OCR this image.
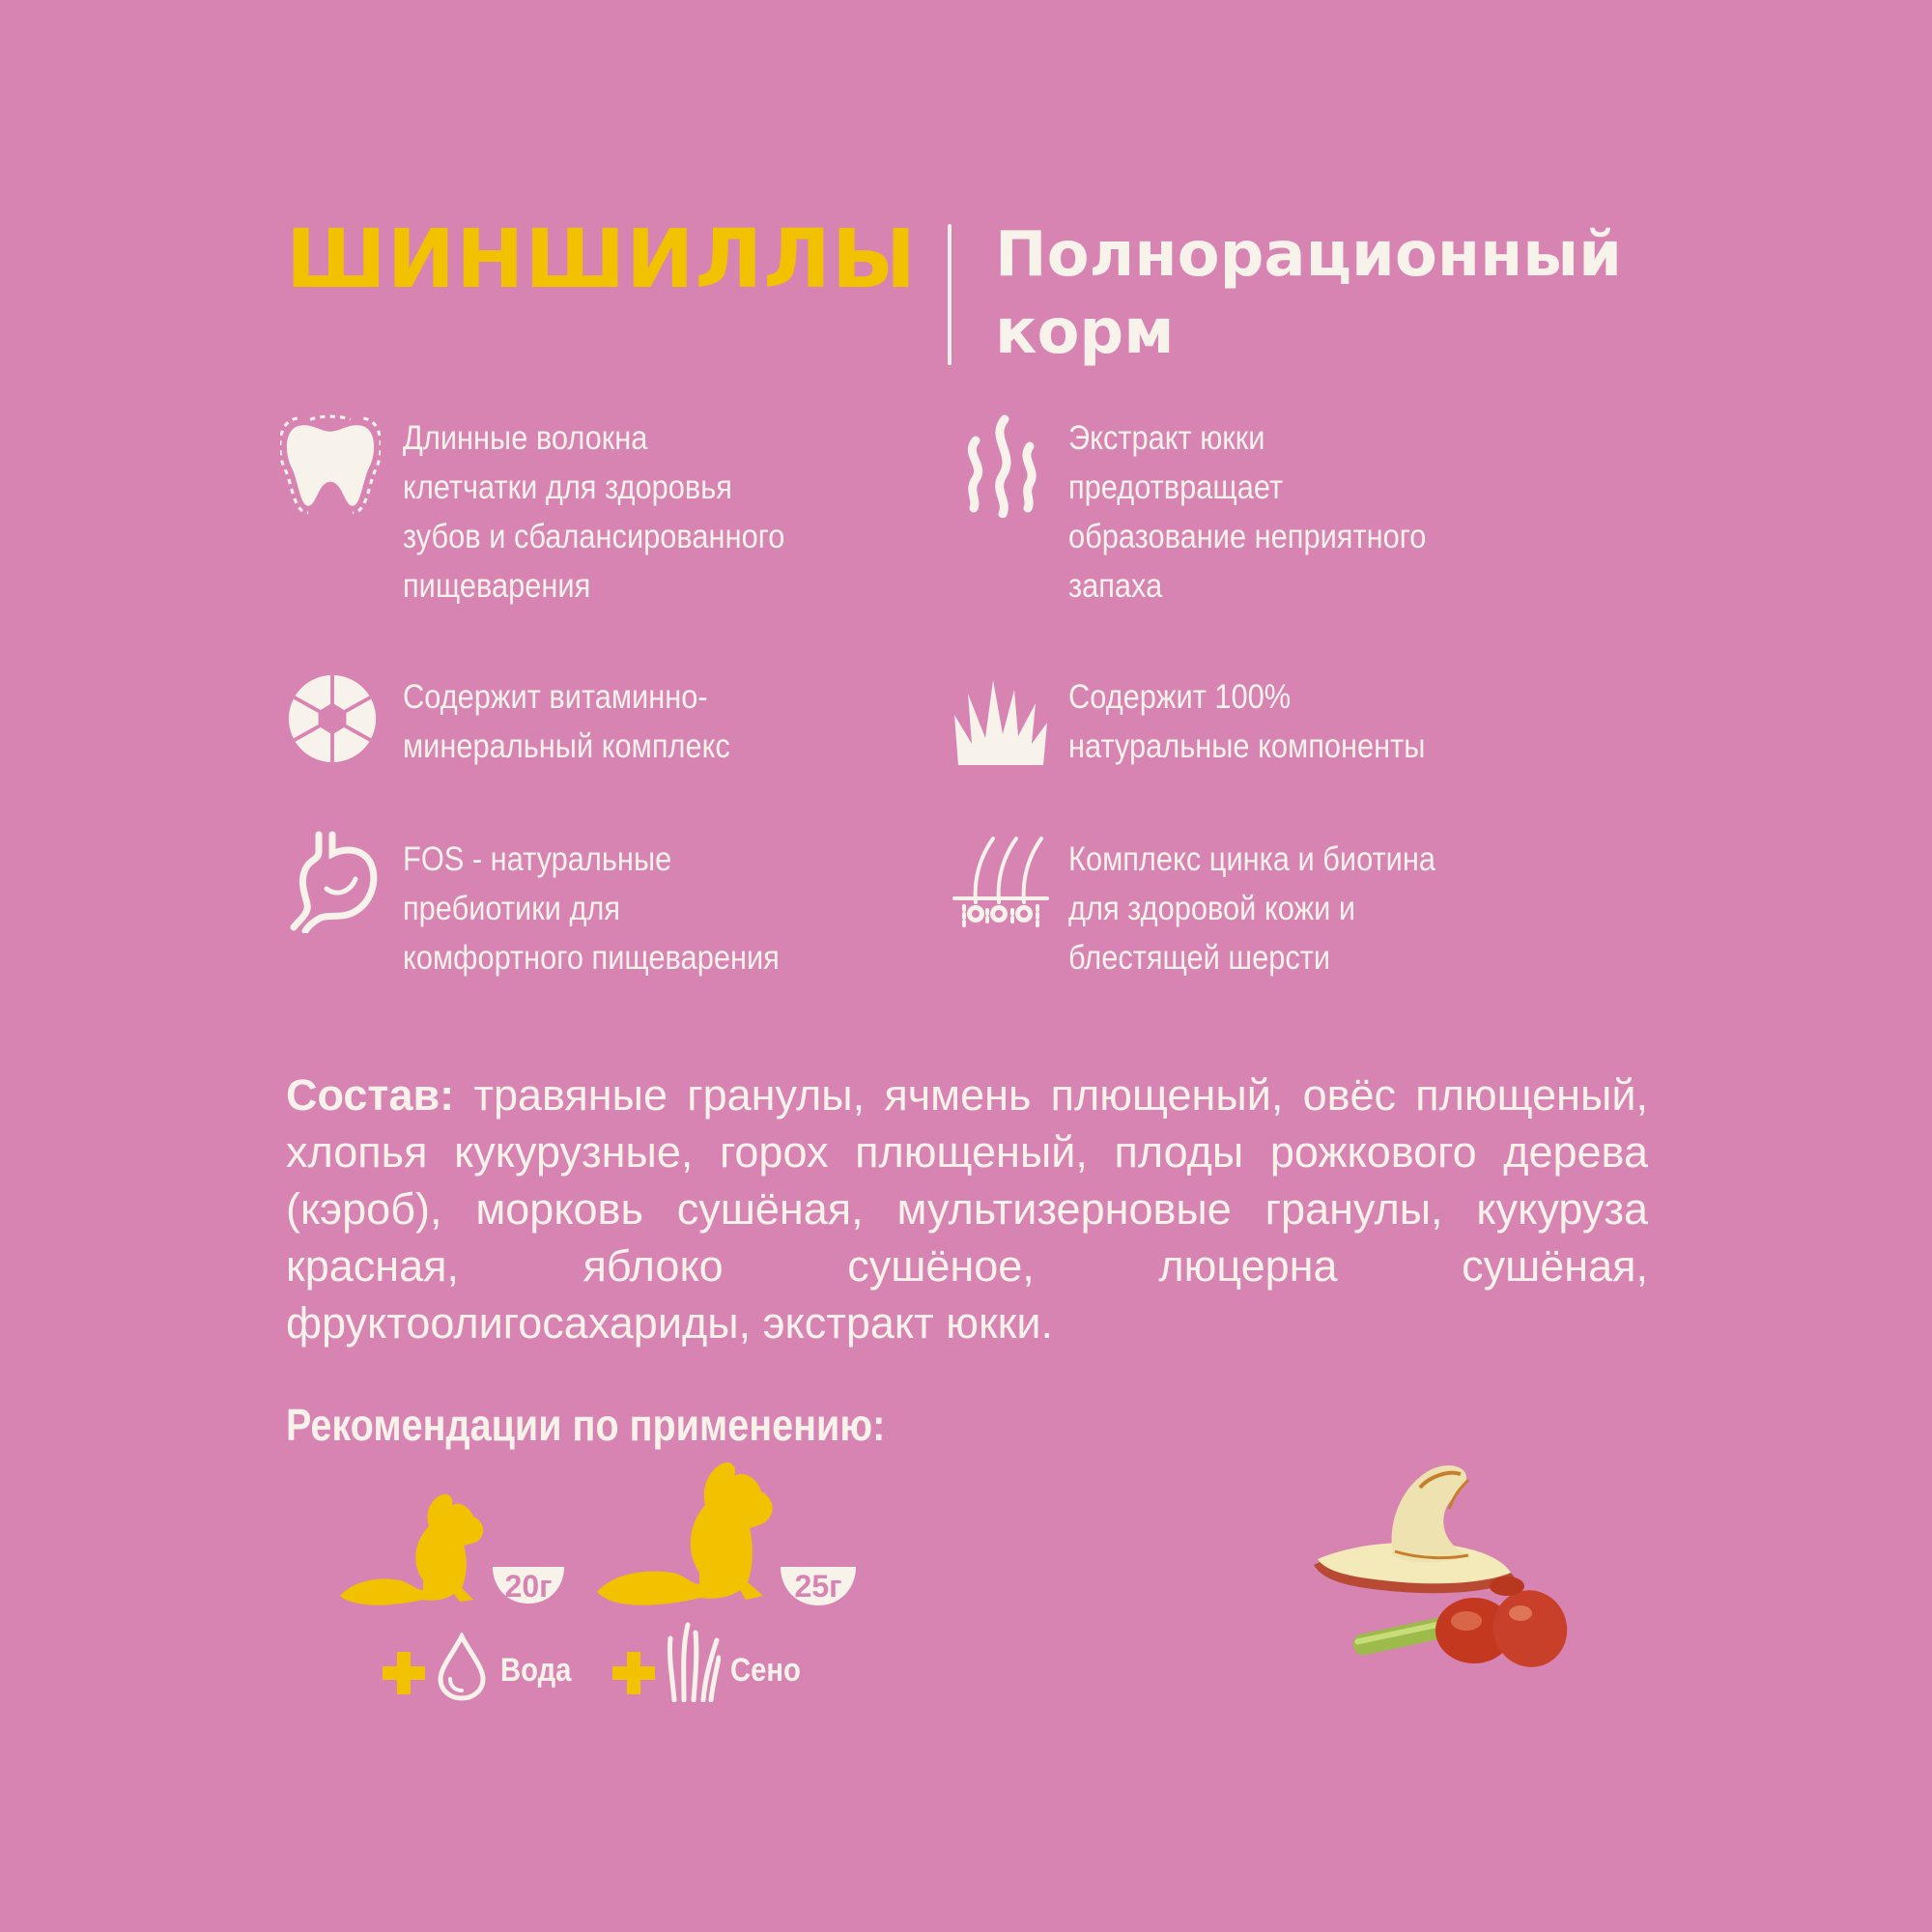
ШИНШИЛЛЫ Полнорационный
корм
Длинные волокна
клетчатки для здоровья
зубов и сбалансированного
пищеварения
Экстракт юкки
предотвращает
образование неприятного
запаха
Содержит витаминно-
минеральный комплекс
Содержит 100%
натуральные компоненты
FOS - натуральные
пребиотики для
комфортного пищеварения
Комплекс цинка и биотина
для здоровой кожи и
блестящей шерсти
Состав: травяные гранулы, ячмень плющеный, овёс плющеный, хлопья кукурузные, горох плющеный, плоды рожкового дерева (кэроб), морковь сушёная, мультизерновые гранулы, кукуруза красная, яблоко сушёное, люцерна сушёная, фруктоолигосахариды, экстракт юкки.
Рекомендации по применению:
20г	25г
Вода	Сено
